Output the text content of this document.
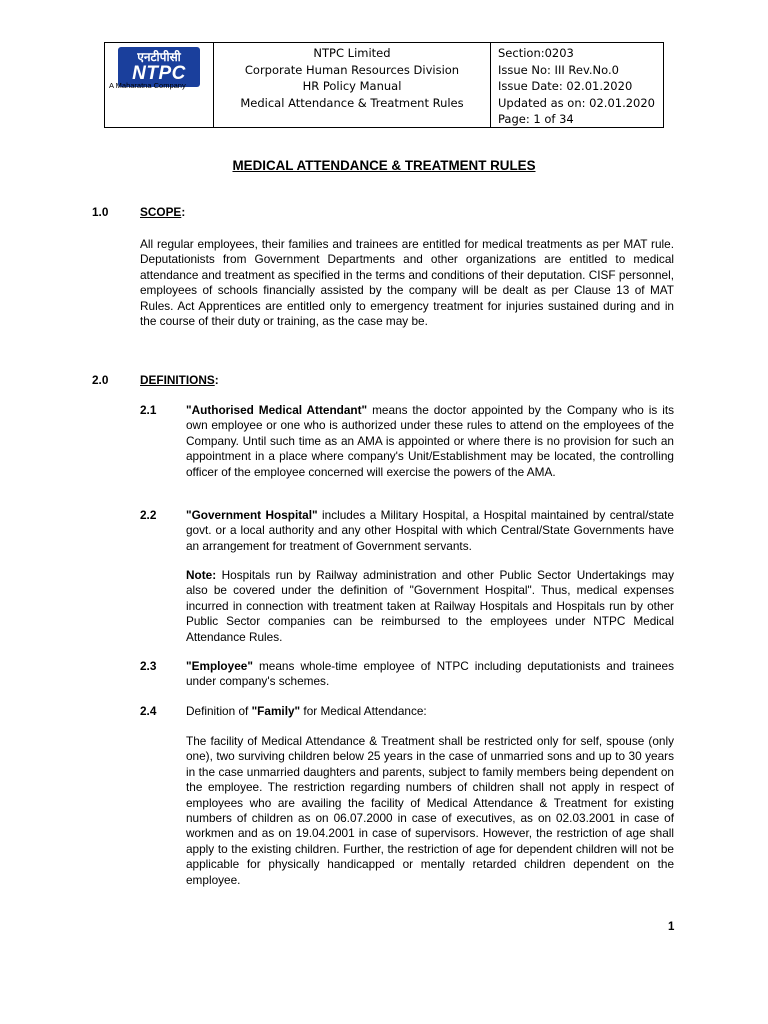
एनटीपीसी
NTPC
A Maharatna Company
NTPC Limited
Corporate Human Resources Division
HR Policy Manual
Medical Attendance & Treatment Rules
Section:0203
Issue No: III Rev.No.0
Issue Date: 02.01.2020
Updated as on: 02.01.2020
Page: 1 of 34
MEDICAL ATTENDANCE & TREATMENT RULES
1.0	SCOPE:
All regular employees, their families and trainees are entitled for medical treatments as per MAT rule. Deputationists from Government Departments and other organizations are entitled to medical attendance and treatment as specified in the terms and conditions of their deputation. CISF personnel, employees of schools financially assisted by the company will be dealt as per Clause 13 of MAT Rules. Act Apprentices are entitled only to emergency treatment for injuries sustained during and in the course of their duty or training, as the case may be.
2.0	DEFINITIONS:
2.1	"Authorised Medical Attendant" means the doctor appointed by the Company who is its own employee or one who is authorized under these rules to attend on the employees of the Company. Until such time as an AMA is appointed or where there is no provision for such an appointment in a place where company's Unit/Establishment may be located, the controlling officer of the employee concerned will exercise the powers of the AMA.
2.2	"Government Hospital" includes a Military Hospital, a Hospital maintained by central/state govt. or a local authority and any other Hospital with which Central/State Governments have an arrangement for treatment of Government servants.
Note: Hospitals run by Railway administration and other Public Sector Undertakings may also be covered under the definition of "Government Hospital". Thus, medical expenses incurred in connection with treatment taken at Railway Hospitals and Hospitals run by other Public Sector companies can be reimbursed to the employees under NTPC Medical Attendance Rules.
2.3	"Employee" means whole-time employee of NTPC including deputationists and trainees under company's schemes.
2.4	Definition of "Family" for Medical Attendance:
The facility of Medical Attendance & Treatment shall be restricted only for self, spouse (only one), two surviving children below 25 years in the case of unmarried sons and up to 30 years in the case unmarried daughters and parents, subject to family members being dependent on the employee. The restriction regarding numbers of children shall not apply in respect of employees who are availing the facility of Medical Attendance & Treatment for existing numbers of children as on 06.07.2000 in case of executives, as on 02.03.2001 in case of workmen and as on 19.04.2001 in case of supervisors. However, the restriction of age shall apply to the existing children. Further, the restriction of age for dependent children will not be applicable for physically handicapped or mentally retarded children dependent on the employee.
1
